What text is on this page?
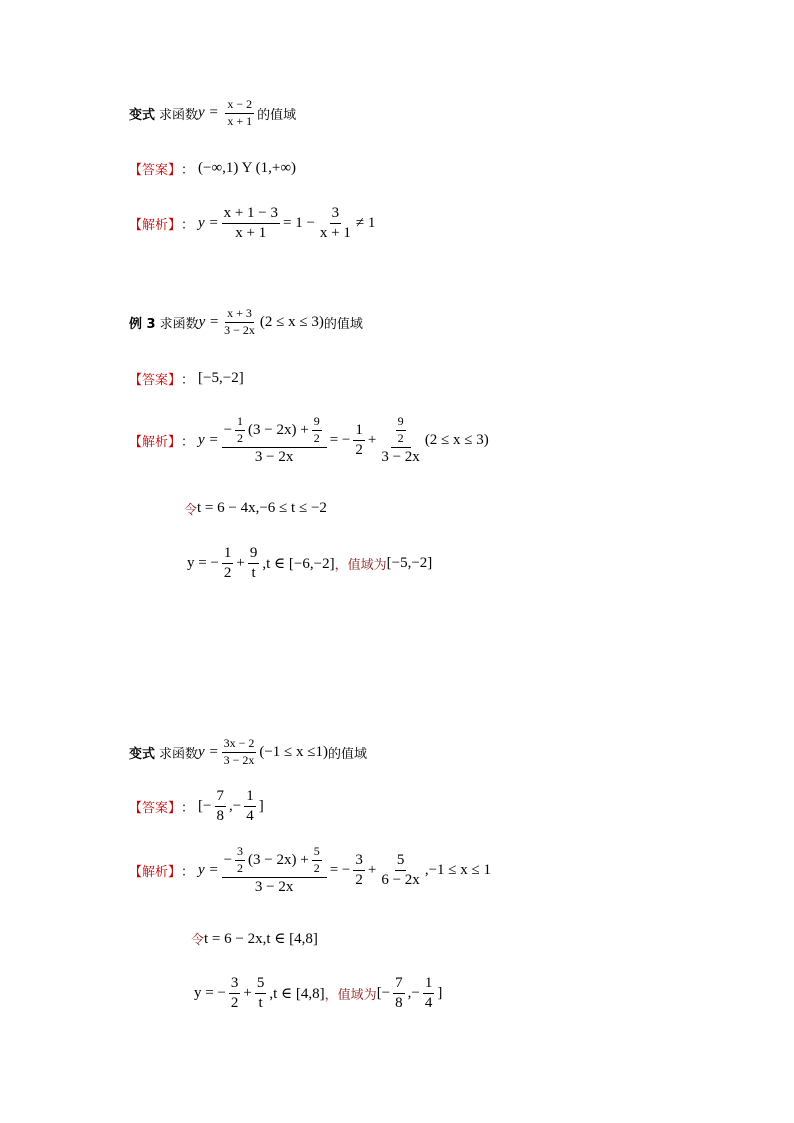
变式 求函数 $y = \frac{x - 2}{x + 1}$ 的值域
【答案】 ： (−∞,1) Y (1,+∞)
【解析】 ： $y = \frac{x + 1 - 3}{x + 1} = 1 - \frac{3}{x + 1} \ne 1$
例 3 求函数 $y = \frac{x + 3}{3 - 2x} (2 \le x \le 3)$ 的值域
【答案】 ： [−5,−2]
【解析】 ： y =
− $\frac{1}{2} (3 - 2x) + \frac{9}{2}$
3 − 2x
= − $\frac{1}{2} + \frac{\frac{9}{2}}{3 - 2x} (2 \le x \le 3)$
令 t = 6 − 4x,−6 ≤ t ≤ −2
y = − $\frac{1}{2} + \frac{9}{t} ,t$ ∈ [−6,−2] ， 值域为 [−5,−2]
变式 求函数 $y = \frac{3x - 2}{3 - 2x} (-1 \le x \le 1)$ 的值域
【答案】 ： [− $\frac{7}{8}$ ,− $\frac{1}{4}$ ]
【解析】 ： y =
− $\frac{3}{2} (3 - 2x) + \frac{5}{2}$
3 − 2x
= − $\frac{3}{2} + \frac{5}{6 - 2x} ,-1 \le x \le 1$
令 t = 6 − 2x,t ∈ [4,8]
y = − $\frac{3}{2} + \frac{5}{t} ,t$ ∈ [4,8] ， 值域为 [− $\frac{7}{8}$ ,− $\frac{1}{4}$ ]
